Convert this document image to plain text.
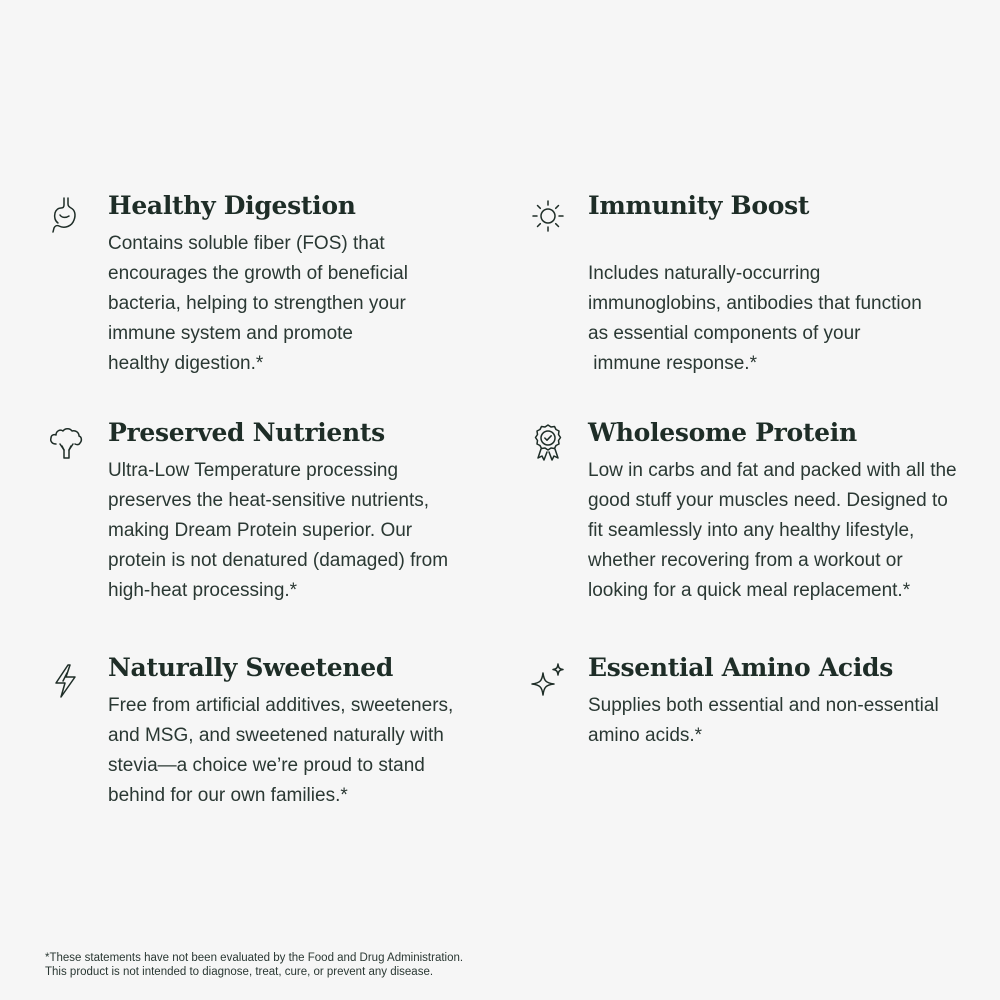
Healthy Digestion

Contains soluble fiber (FOS) that
encourages the growth of beneficial
bacteria, helping to strengthen your
immune system and promote
healthy digestion.*

Immunity Boost

Includes naturally-occurring
immunoglobins, antibodies that function
as essential components of your
immune response.*

Preserved Nutrients

Ultra-Low Temperature processing
preserves the heat-sensitive nutrients,
making Dream Protein superior. Our
protein is not denatured (damaged) from
high-heat processing.*

Wholesome Protein

Low in carbs and fat and packed with all the
good stuff your muscles need. Designed to
fit seamlessly into any healthy lifestyle,
whether recovering from a workout or
looking for a quick meal replacement.*

Naturally Sweetened

Free from artificial additives, sweeteners,
and MSG, and sweetened naturally with
stevia—a choice we’re proud to stand
behind for our own families.*

Essential Amino Acids

Supplies both essential and non-essential
amino acids.*

*These statements have not been evaluated by the Food and Drug Administration.
This product is not intended to diagnose, treat, cure, or prevent any disease.
